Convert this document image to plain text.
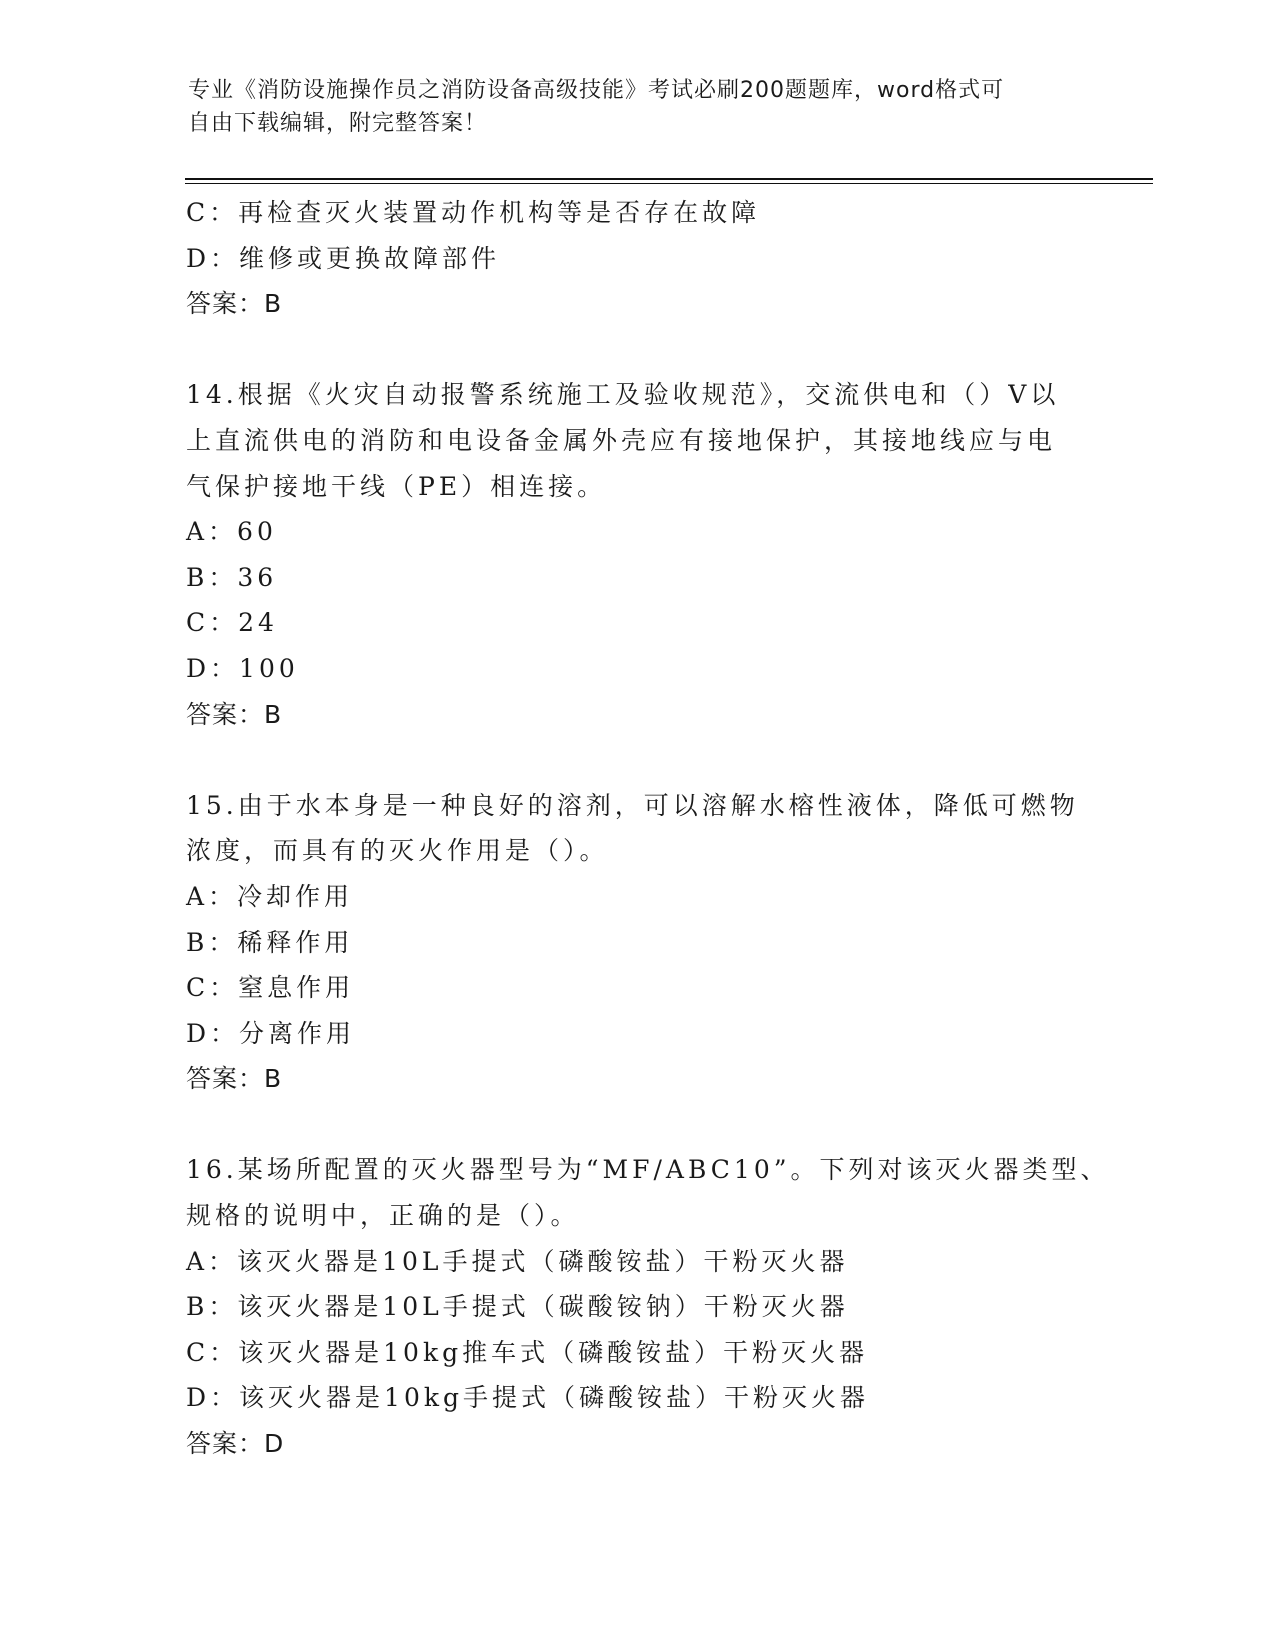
专业《消防设施操作员之消防设备高级技能》考试必刷200题题库，word格式可
自由下载编辑，附完整答案！
C：再检查灭火装置动作机构等是否存在故障
D：维修或更换故障部件
答案：B
14.根据《火灾自动报警系统施工及验收规范》，交流供电和（）V以
上直流供电的消防和电设备金属外壳应有接地保护，其接地线应与电
气保护接地干线（PE）相连接。
A：60
B：36
C：24
D：100
答案：B
15.由于水本身是一种良好的溶剂，可以溶解水榕性液体，降低可燃物
浓度，而具有的灭火作用是（）。
A：冷却作用
B：稀释作用
C：窒息作用
D：分离作用
答案：B
16.某场所配置的灭火器型号为“MF/ABC10”。下列对该灭火器类型、
规格的说明中，正确的是（）。
A：该灭火器是10L手提式（磷酸铵盐）干粉灭火器
B：该灭火器是10L手提式（碳酸铵钠）干粉灭火器
C：该灭火器是10kg推车式（磷酸铵盐）干粉灭火器
D：该灭火器是10kg手提式（磷酸铵盐）干粉灭火器
答案：D
